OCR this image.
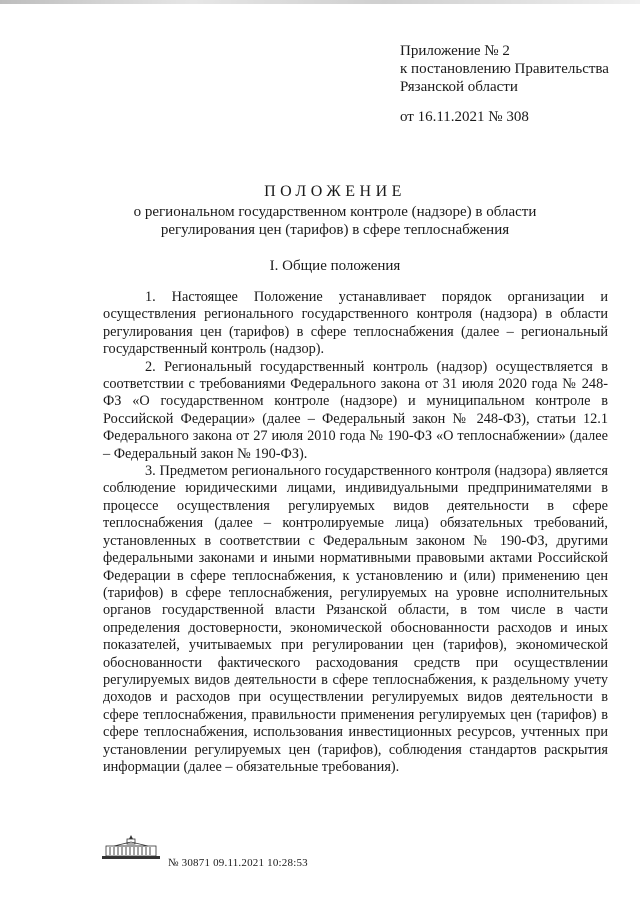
Приложение № 2
к постановлению Правительства
Рязанской области
от 16.11.2021 № 308
ПОЛОЖЕНИЕ
о региональном государственном контроле (надзоре) в области
регулирования цен (тарифов) в сфере теплоснабжения
I. Общие положения

1. Настоящее Положение устанавливает порядок организации и осуществления регионального государственного контроля (надзора) в области регулирования цен (тарифов) в сфере теплоснабжения (далее – региональный государственный контроль (надзор).

2. Региональный государственный контроль (надзор) осуществляется в соответствии с требованиями Федерального закона от 31 июля 2020 года № 248-ФЗ «О государственном контроле (надзоре) и муниципальном контроле в Российской Федерации» (далее – Федеральный закон № 248-ФЗ), статьи 12.1 Федерального закона от 27 июля 2010 года № 190-ФЗ «О теплоснабжении» (далее – Федеральный закон № 190-ФЗ).

3. Предметом регионального государственного контроля (надзора) является соблюдение юридическими лицами, индивидуальными предпринимателями в процессе осуществления регулируемых видов деятельности в сфере теплоснабжения (далее – контролируемые лица) обязательных требований, установленных в соответствии с Федеральным законом № 190-ФЗ, другими федеральными законами и иными нормативными правовыми актами Российской Федерации в сфере теплоснабжения, к установлению и (или) применению цен (тарифов) в сфере теплоснабжения, регулируемых на уровне исполнительных органов государственной власти Рязанской области, в том числе в части определения достоверности, экономической обоснованности расходов и иных показателей, учитываемых при регулировании цен (тарифов), экономической обоснованности фактического расходования средств при осуществлении регулируемых видов деятельности в сфере теплоснабжения, к раздельному учету доходов и расходов при осуществлении регулируемых видов деятельности в сфере теплоснабжения, правильности применения регулируемых цен (тарифов) в сфере теплоснабжения, использования инвестиционных ресурсов, учтенных при установлении регулируемых цен (тарифов), соблюдения стандартов раскрытия информации (далее – обязательные требования).

№ 30871 09.11.2021 10:28:53
